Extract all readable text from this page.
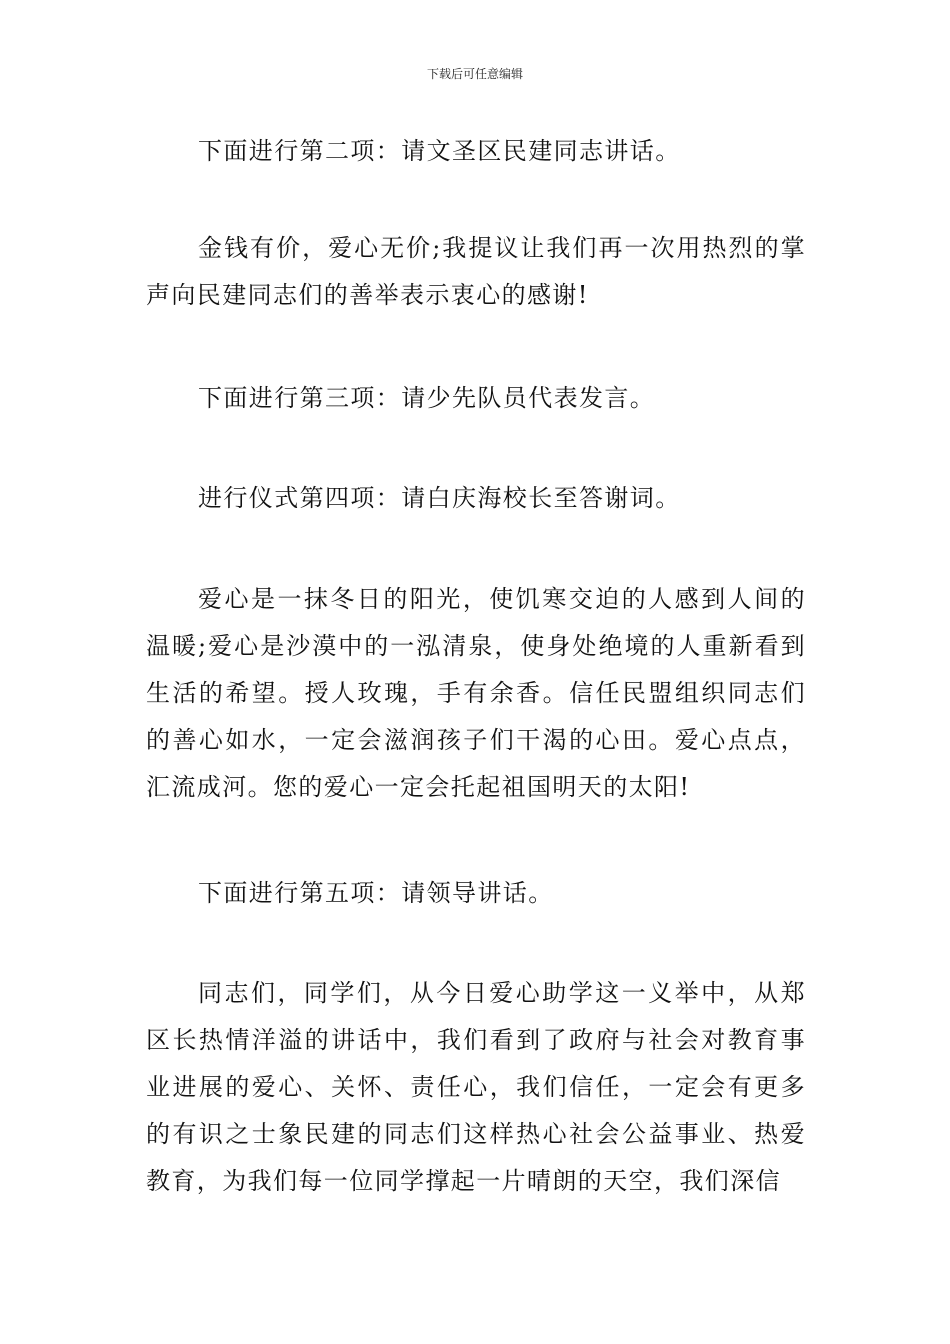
下载后可任意编辑

下面进行第二项：请文圣区民建同志讲话。

金钱有价，爱心无价;我提议让我们再一次用热烈的掌声向民建同志们的善举表示衷心的感谢!

下面进行第三项：请少先队员代表发言。

进行仪式第四项：请白庆海校长至答谢词。

爱心是一抹冬日的阳光，使饥寒交迫的人感到人间的温暖;爱心是沙漠中的一泓清泉，使身处绝境的人重新看到生活的希望。授人玫瑰，手有余香。信任民盟组织同志们的善心如水，一定会滋润孩子们干渴的心田。爱心点点，汇流成河。您的爱心一定会托起祖国明天的太阳!

下面进行第五项：请领导讲话。

同志们，同学们，从今日爱心助学这一义举中，从郑区长热情洋溢的讲话中，我们看到了政府与社会对教育事业进展的爱心、关怀、责任心，我们信任，一定会有更多的有识之士象民建的同志们这样热心社会公益事业、热爱教育，为我们每一位同学撑起一片晴朗的天空，我们深信
